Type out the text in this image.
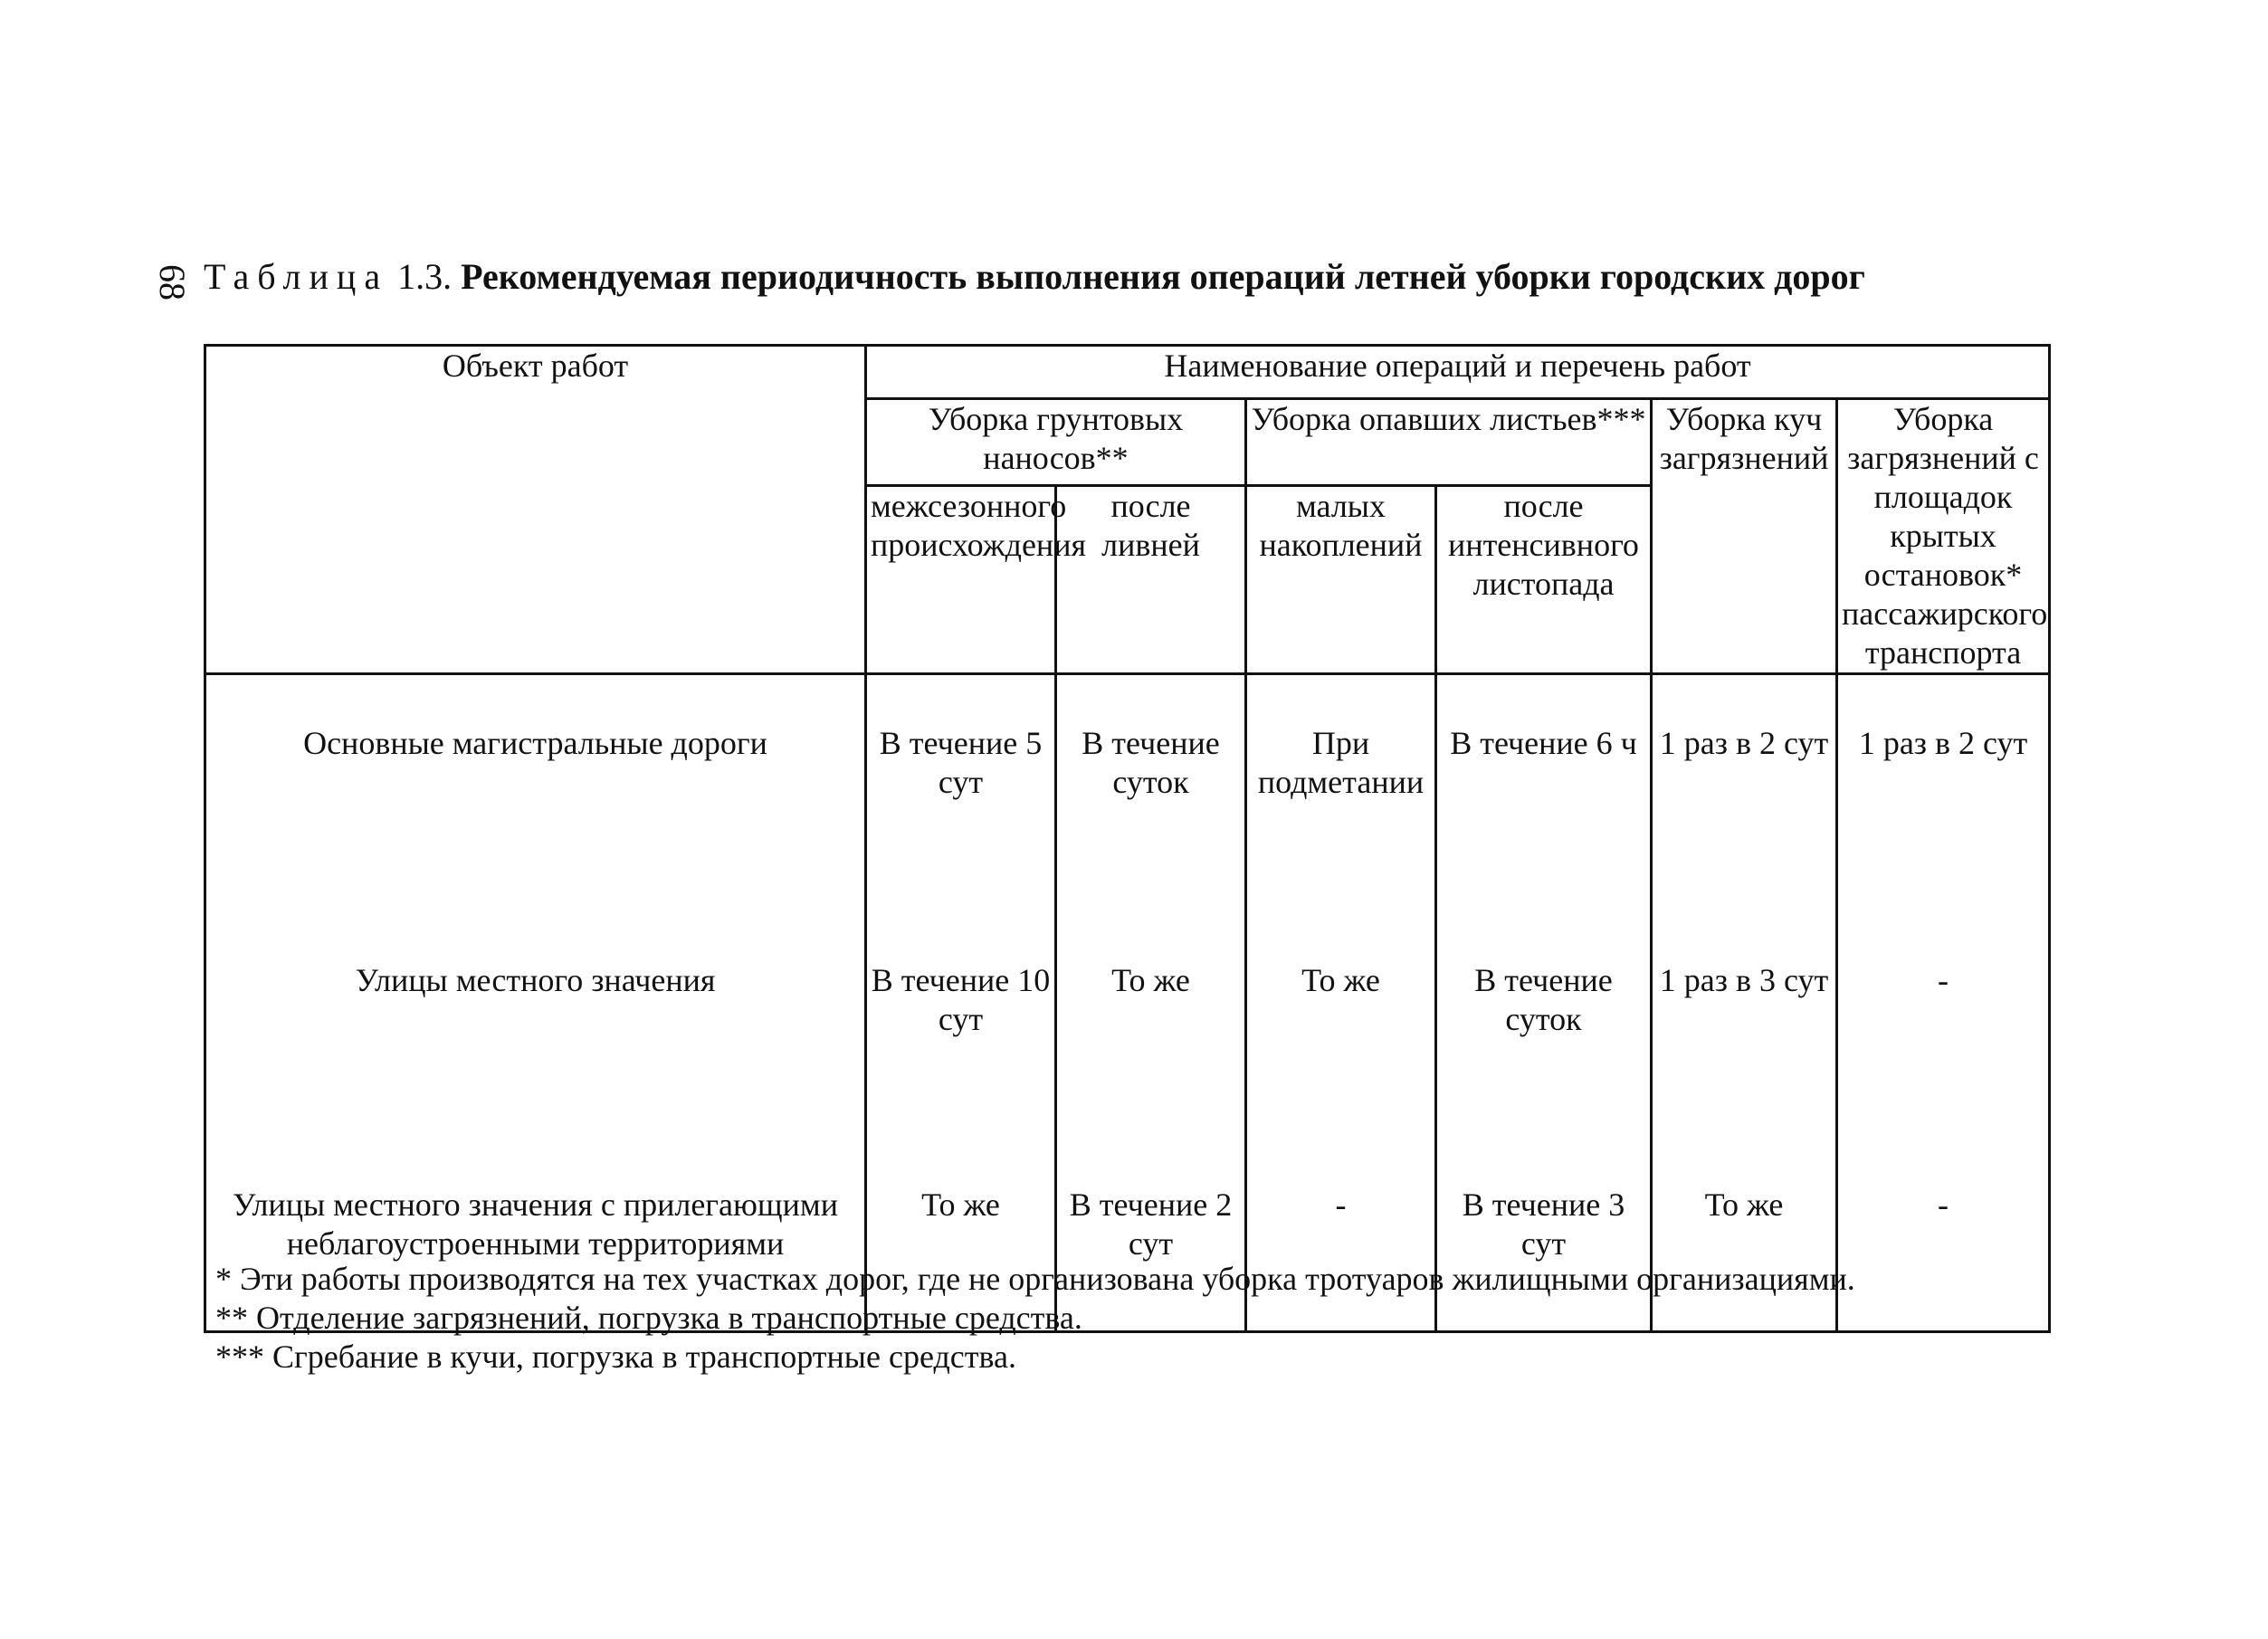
68 Таблица 1.3. Рекомендуемая периодичность выполнения операций летней уборки городских дорог
Объект работ	Наименование операций и перечень работ					
	Уборка грунтовых наносов**		Уборка опавших листьев***		Уборка куч загрязнений	Уборка загрязнений с площадок крытых остановок* пассажирского транспорта
	межсезонного происхождения	после ливней	малых накоплений	после интенсивного листопада		
Основные магистральные дороги	В течение 5 сут	В течение суток	При подметании	В течение 6 ч	1 раз в 2 сут	1 раз в 2 сут
Улицы местного значения	В течение 10 сут	То же	То же	В течение суток	1 раз в 3 сут	-
Улицы местного значения с прилегающими неблагоустроенными территориями	То же	В течение 2 сут	-	В течение 3 сут	То же	-
* Эти работы производятся на тех участках дорог, где не организована уборка тротуаров жилищными организациями.
** Отделение загрязнений, погрузка в транспортные средства.
*** Сгребание в кучи, погрузка в транспортные средства.
